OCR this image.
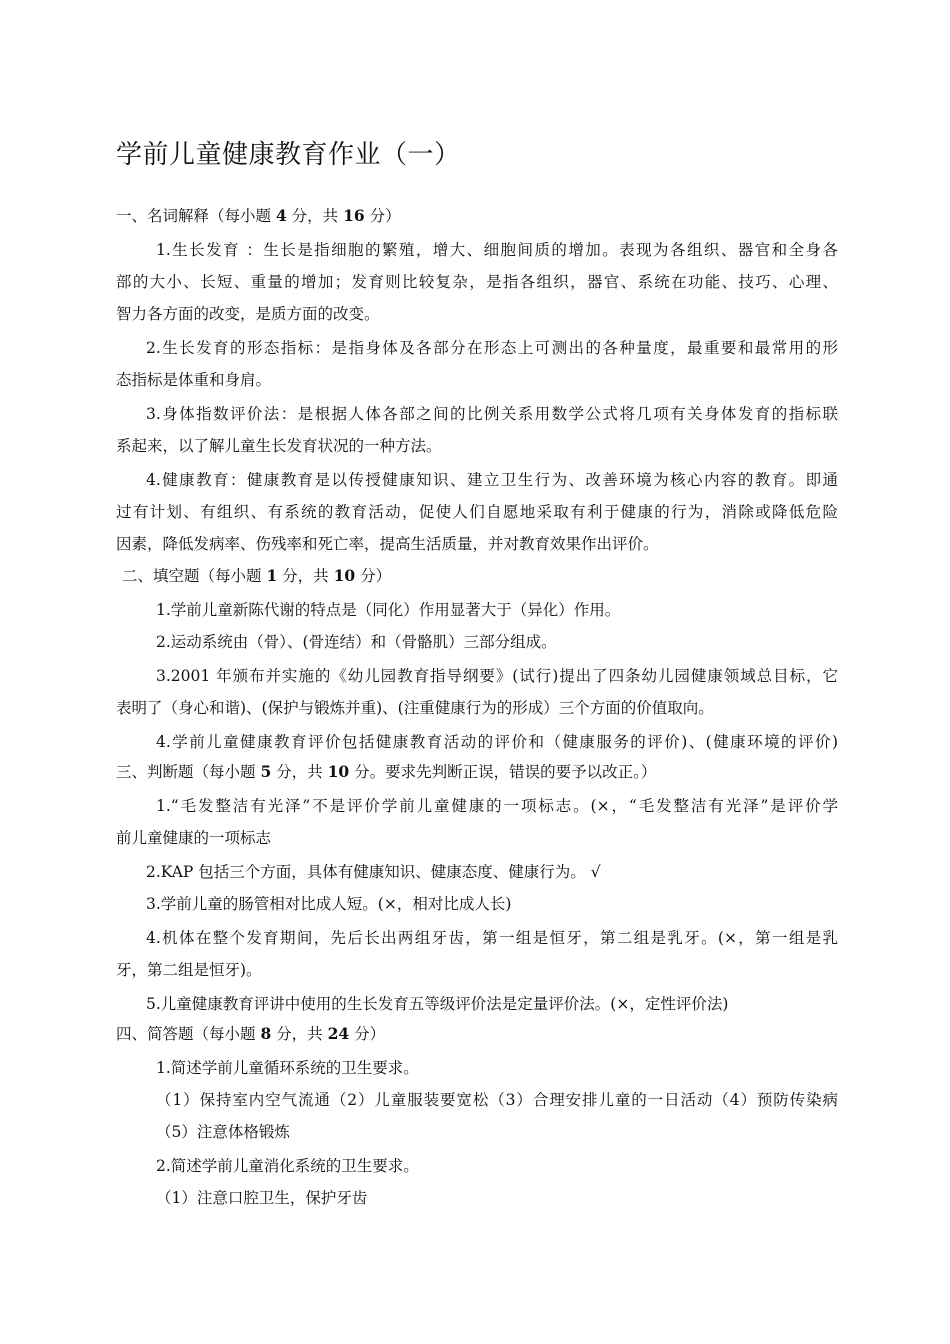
学前儿童健康教育作业（一）
一、名词解释（每小题 4 分，共 16 分）
1.生长发育 ：生长是指细胞的繁殖，增大、细胞间质的增加。表现为各组织、器官和全身各
部的大小、长短、重量的增加；发育则比较复杂，是指各组织，器官、系统在功能、技巧、心理、
智力各方面的改变，是质方面的改变。
2.生长发育的形态指标：是指身体及各部分在形态上可测出的各种量度，最重要和最常用的形
态指标是体重和身肩。
3.身体指数评价法：是根据人体各部之间的比例关系用数学公式将几项有关身体发育的指标联
系起来，以了解儿童生长发育状况的一种方法。
4.健康教育：健康教育是以传授健康知识、建立卫生行为、改善环境为核心内容的教育。即通
过有计划、有组织、有系统的教育活动，促使人们自愿地采取有利于健康的行为，消除或降低危险
因素，降低发病率、伤残率和死亡率，提高生活质量，并对教育效果作出评价。
二、填空题（每小题 1 分，共 10 分）
1.学前儿童新陈代谢的特点是（同化）作用显著大于（异化）作用。
2.运动系统由（骨）、(骨连结）和（骨骼肌）三部分组成。
3.2001 年颁布并实施的《幼儿园教育指导纲要》(试行)提出了四条幼儿园健康领域总目标，它
表明了（身心和谐)、(保护与锻炼并重)、(注重健康行为的形成）三个方面的价值取向。
4.学前儿童健康教育评价包括健康教育活动的评价和（健康服务的评价)、(健康环境的评价)
三、判断题（每小题 5 分，共 10 分。要求先判断正误，错误的要予以改正。）
1.“毛发整洁有光泽”不是评价学前儿童健康的一项标志。(×，“毛发整洁有光泽”是评价学
前儿童健康的一项标志
2.KAP 包括三个方面，具体有健康知识、健康态度、健康行为。 √
3.学前儿童的肠管相对比成人短。(×，相对比成人长)
4.机体在整个发育期间，先后长出两组牙齿，第一组是恒牙，第二组是乳牙。(×，第一组是乳
牙，第二组是恒牙)。
5.儿童健康教育评讲中使用的生长发育五等级评价法是定量评价法。(×，定性评价法)
四、简答题（每小题 8 分，共 24 分）
1.简述学前儿童循环系统的卫生要求。
（1）保持室内空气流通（2）儿童服装要宽松（3）合理安排儿童的一日活动（4）预防传染病
（5）注意体格锻炼
2.简述学前儿童消化系统的卫生要求。
（1）注意口腔卫生，保护牙齿
